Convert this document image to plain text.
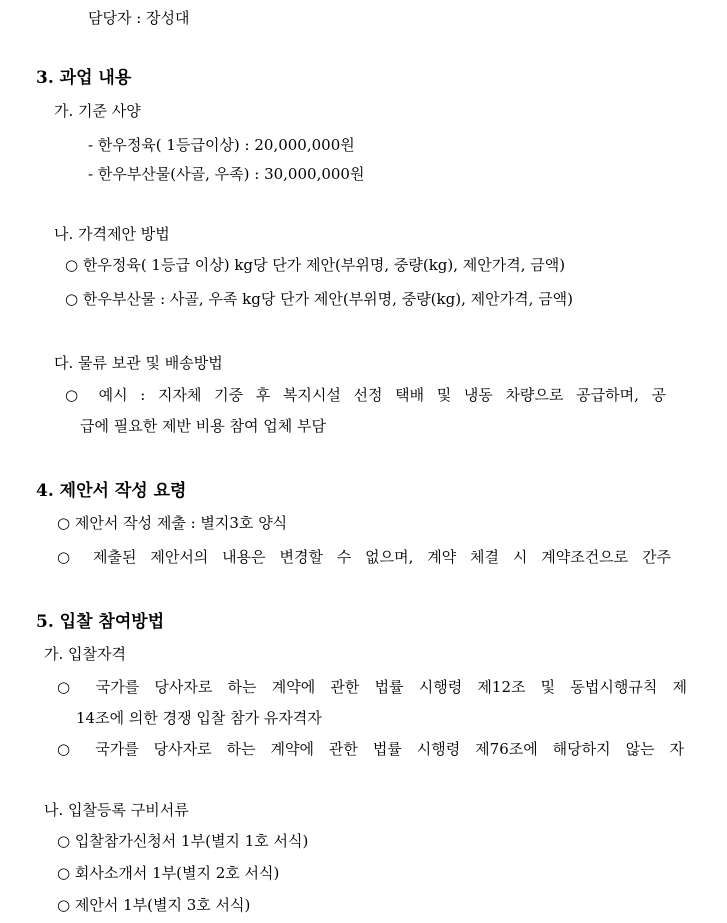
담당자 : 장성대
3. 과업 내용
가. 기준 사양
- 한우정육( 1등급이상) : 20,000,000원
- 한우부산물(사골, 우족) : 30,000,000원
나. 가격제안 방법
○ 한우정육( 1등급 이상) kg당 단가 제안(부위명, 중량(kg), 제안가격, 금액)
○ 한우부산물 : 사골, 우족 kg당 단가 제안(부위명, 중량(kg), 제안가격, 금액)
다. 물류 보관 및 배송방법
○ 예시 : 지자체 기중 후 복지시설 선정 택배 및 냉동 차량으로 공급하며, 공
급에 필요한 제반 비용 참여 업체 부담
4. 제안서 작성 요령
○ 제안서 작성 제출 : 별지3호 양식
○ 제출된 제안서의 내용은 변경할 수 없으며, 계약 체결 시 계약조건으로 간주
5. 입찰 참여방법
가. 입찰자격
○ 국가를 당사자로 하는 계약에 관한 법률 시행령 제12조 및 동법시행규칙 제
14조에 의한 경쟁 입찰 참가 유자격자
○ 국가를 당사자로 하는 계약에 관한 법률 시행령 제76조에 해당하지 않는 자
나. 입찰등록 구비서류
○ 입찰참가신청서 1부(별지 1호 서식)
○ 회사소개서 1부(별지 2호 서식)
○ 제안서 1부(별지 3호 서식)
